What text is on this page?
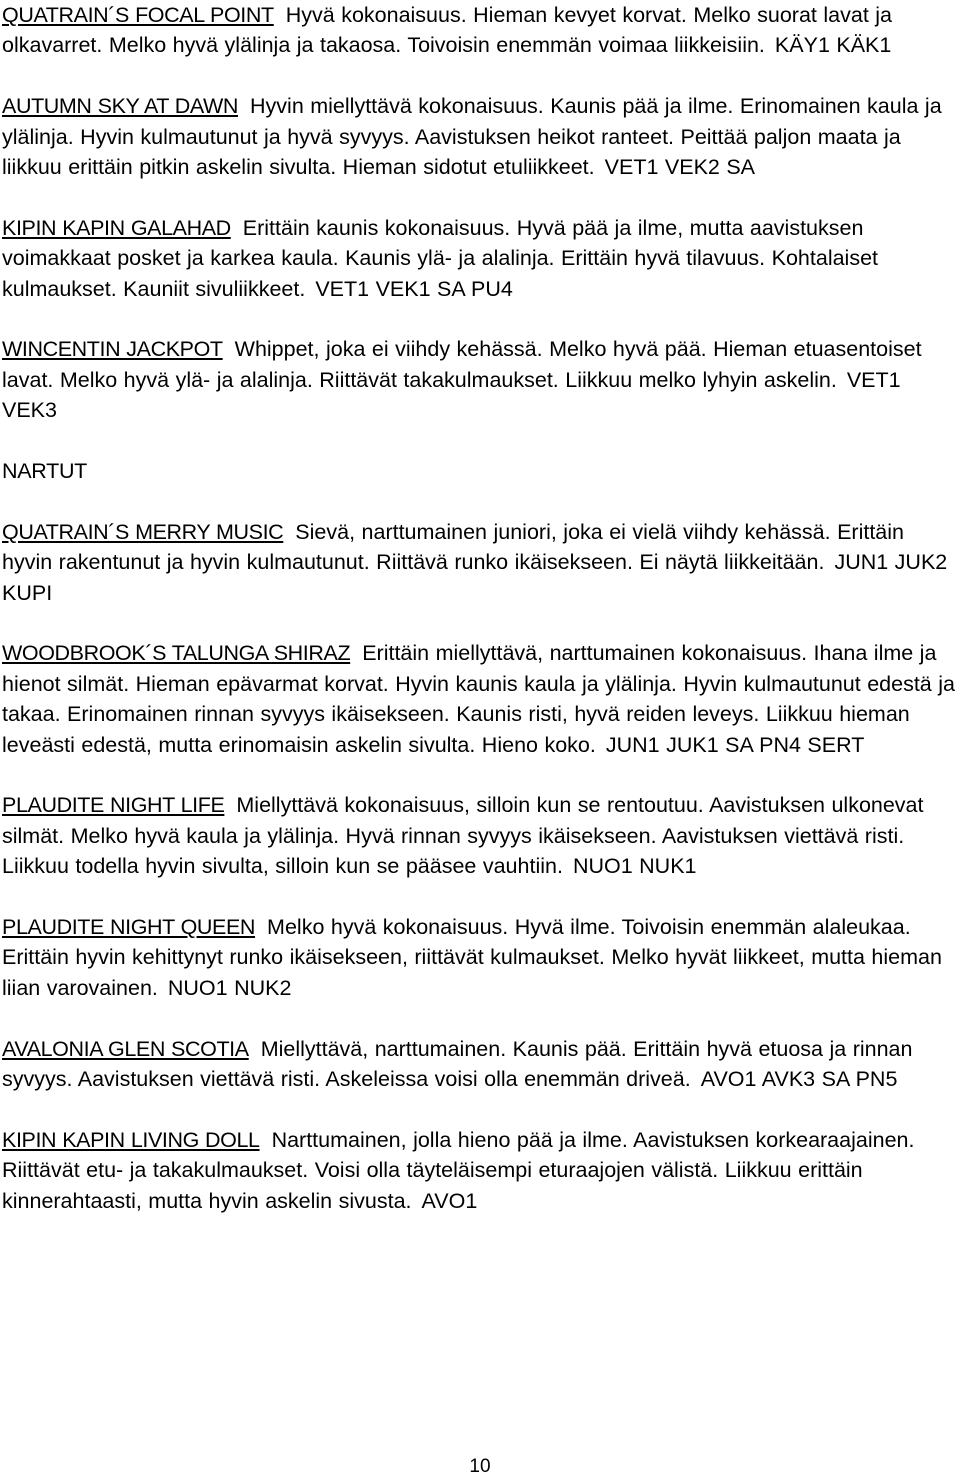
QUATRAIN´S FOCAL POINT Hyvä kokonaisuus. Hieman kevyet korvat. Melko suorat lavat ja olkavarret. Melko hyvä ylälinja ja takaosa. Toivoisin enemmän voimaa liikkeisiin. KÄY1 KÄK1

AUTUMN SKY AT DAWN Hyvin miellyttävä kokonaisuus. Kaunis pää ja ilme. Erinomainen kaula ja ylälinja. Hyvin kulmautunut ja hyvä syvyys. Aavistuksen heikot ranteet. Peittää paljon maata ja liikkuu erittäin pitkin askelin sivulta. Hieman sidotut etuliikkeet. VET1 VEK2 SA

KIPIN KAPIN GALAHAD Erittäin kaunis kokonaisuus. Hyvä pää ja ilme, mutta aavistuksen voimakkaat posket ja karkea kaula. Kaunis ylä- ja alalinja. Erittäin hyvä tilavuus. Kohtalaiset kulmaukset. Kauniit sivuliikkeet. VET1 VEK1 SA PU4

WINCENTIN JACKPOT Whippet, joka ei viihdy kehässä. Melko hyvä pää. Hieman etuasentoiset lavat. Melko hyvä ylä- ja alalinja. Riittävät takakulmaukset. Liikkuu melko lyhyin askelin. VET1 VEK3

NARTUT

QUATRAIN´S MERRY MUSIC Sievä, narttumainen juniori, joka ei vielä viihdy kehässä. Erittäin hyvin rakentunut ja hyvin kulmautunut. Riittävä runko ikäisekseen. Ei näytä liikkeitään. JUN1 JUK2 KUPI

WOODBROOK´S TALUNGA SHIRAZ Erittäin miellyttävä, narttumainen kokonaisuus. Ihana ilme ja hienot silmät. Hieman epävarmat korvat. Hyvin kaunis kaula ja ylälinja. Hyvin kulmautunut edestä ja takaa. Erinomainen rinnan syvyys ikäisekseen. Kaunis risti, hyvä reiden leveys. Liikkuu hieman leveästi edestä, mutta erinomaisin askelin sivulta. Hieno koko. JUN1 JUK1 SA PN4 SERT

PLAUDITE NIGHT LIFE Miellyttävä kokonaisuus, silloin kun se rentoutuu. Aavistuksen ulkonevat silmät. Melko hyvä kaula ja ylälinja. Hyvä rinnan syvyys ikäisekseen. Aavistuksen viettävä risti. Liikkuu todella hyvin sivulta, silloin kun se pääsee vauhtiin. NUO1 NUK1

PLAUDITE NIGHT QUEEN Melko hyvä kokonaisuus. Hyvä ilme. Toivoisin enemmän alaleukaa. Erittäin hyvin kehittynyt runko ikäisekseen, riittävät kulmaukset. Melko hyvät liikkeet, mutta hieman liian varovainen. NUO1 NUK2

AVALONIA GLEN SCOTIA Miellyttävä, narttumainen. Kaunis pää. Erittäin hyvä etuosa ja rinnan syvyys. Aavistuksen viettävä risti. Askeleissa voisi olla enemmän driveä. AVO1 AVK3 SA PN5

KIPIN KAPIN LIVING DOLL Narttumainen, jolla hieno pää ja ilme. Aavistuksen korkearaajainen. Riittävät etu- ja takakulmaukset. Voisi olla täyteläisempi eturaajojen välistä. Liikkuu erittäin kinnerahtaasti, mutta hyvin askelin sivusta. AVO1

10
